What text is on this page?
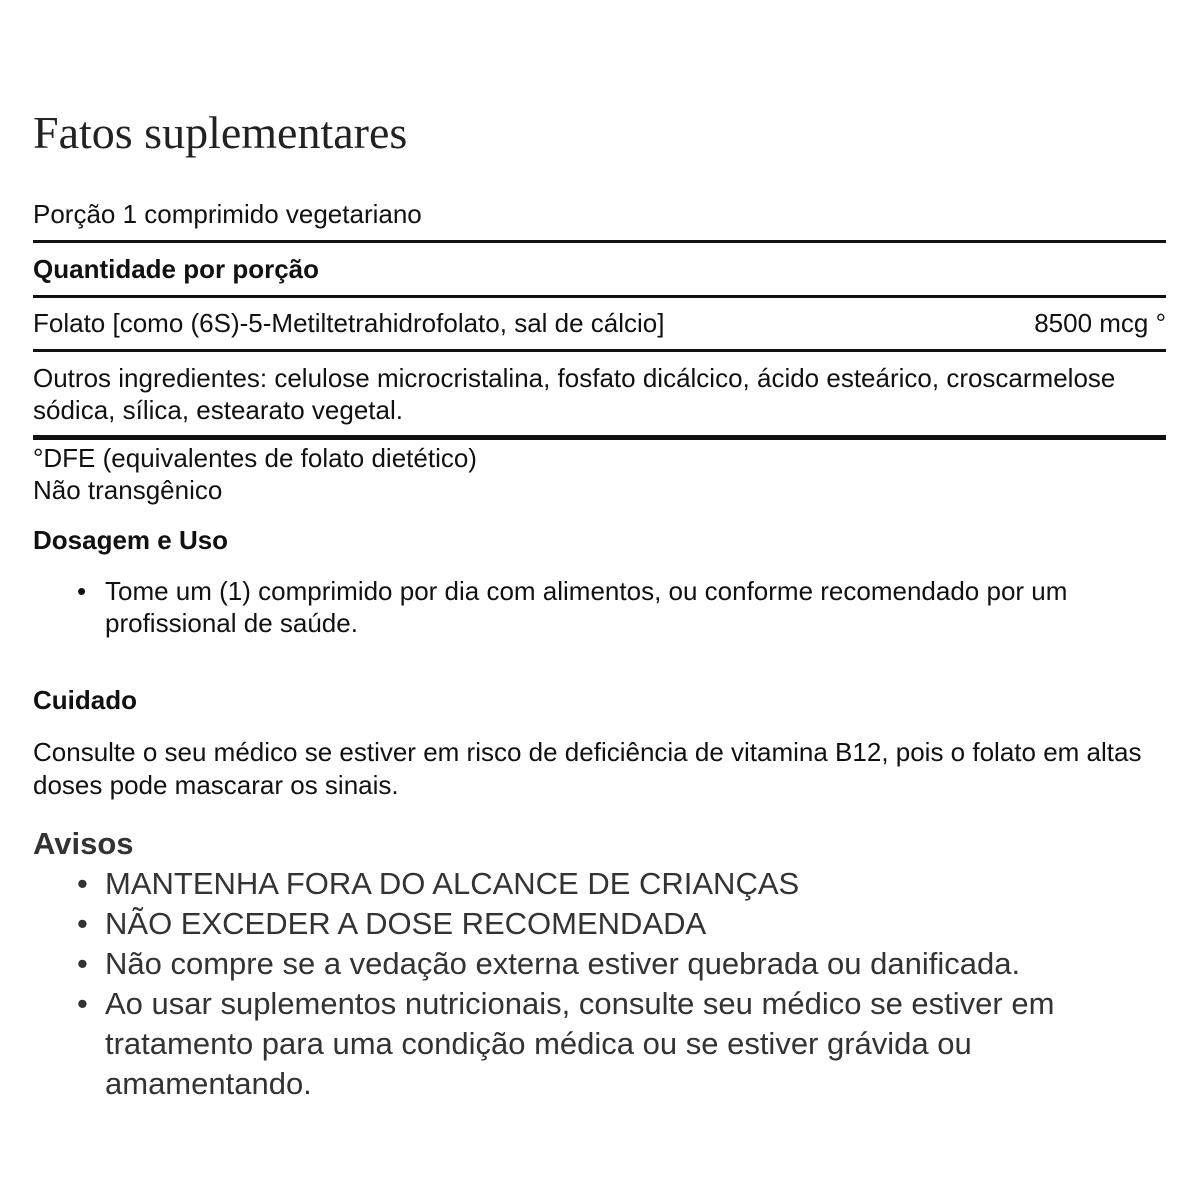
Fatos suplementares
Porção 1 comprimido vegetariano
Quantidade por porção
Folato [como (6S)-5-Metiltetrahidrofolato, sal de cálcio]	8500 mcg °
Outros ingredientes: celulose microcristalina, fosfato dicálcico, ácido esteárico, croscarmelose sódica, sílica, estearato vegetal.
°DFE (equivalentes de folato dietético)
Não transgênico
Dosagem e Uso
• Tome um (1) comprimido por dia com alimentos, ou conforme recomendado por um profissional de saúde.
Cuidado
Consulte o seu médico se estiver em risco de deficiência de vitamina B12, pois o folato em altas doses pode mascarar os sinais.
Avisos
• MANTENHA FORA DO ALCANCE DE CRIANÇAS
• NÃO EXCEDER A DOSE RECOMENDADA
• Não compre se a vedação externa estiver quebrada ou danificada.
• Ao usar suplementos nutricionais, consulte seu médico se estiver em tratamento para uma condição médica ou se estiver grávida ou amamentando.
